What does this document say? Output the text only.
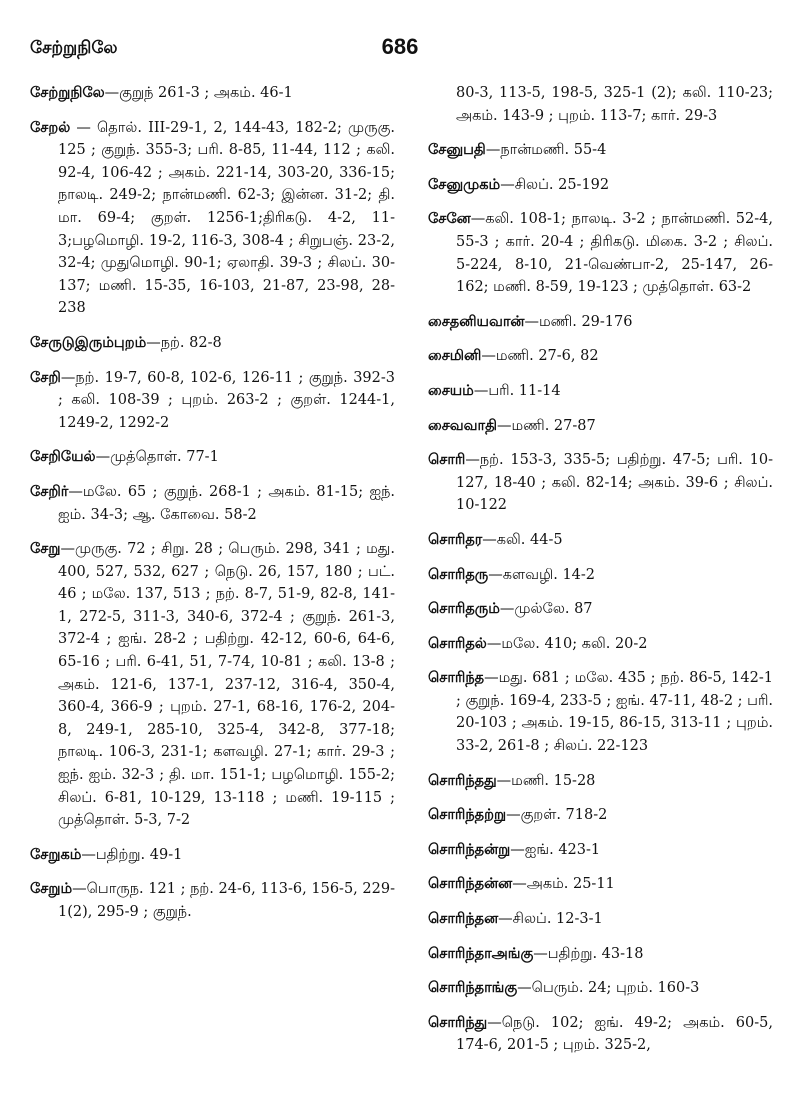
சேற்றுநிலே	686
சேற்றுநிலே—குறுந் 261-3 ; அகம். 46-1
சேறல் — தொல். III-29-1, 2, 144-43, 182-2; முருகு. 125 ; குறுந். 355-3; பரி. 8-85, 11-44, 112 ; கலி. 92-4, 106-42 ; அகம். 221-14, 303-20, 336-15; நாலடி. 249-2; நான்மணி. 62-3; இன்ன. 31-2; தி. மா. 69-4; குறள். 1256-1;திரிகடு. 4-2, 11-3;பழமொழி. 19-2, 116-3, 308-4 ; சிறுபஞ். 23-2, 32-4; முதுமொழி. 90-1; ஏலாதி. 39-3 ; சிலப். 30-137; மணி. 15-35, 16-103, 21-87, 23-98, 28-238
சேருடுஇரும்புறம்—நற். 82-8
சேறி—நற். 19-7, 60-8, 102-6, 126-11 ; குறுந். 392-3 ; கலி. 108-39 ; புறம். 263-2 ; குறள். 1244-1, 1249-2, 1292-2
சேறியேல்—முத்தொள். 77-1
சேறிர்—மலே. 65 ; குறுந். 268-1 ; அகம். 81-15; ஐந். ஐம். 34-3; ஆ. கோவை. 58-2
சேறு—முருகு. 72 ; சிறு. 28 ; பெரும். 298, 341 ; மது. 400, 527, 532, 627 ; நெடு. 26, 157, 180 ; பட். 46 ; மலே. 137, 513 ; நற். 8-7, 51-9, 82-8, 141-1, 272-5, 311-3, 340-6, 372-4 ; குறுந். 261-3, 372-4 ; ஐங். 28-2 ; பதிற்று. 42-12, 60-6, 64-6, 65-16 ; பரி. 6-41, 51, 7-74, 10-81 ; கலி. 13-8 ; அகம். 121-6, 137-1, 237-12, 316-4, 350-4, 360-4, 366-9 ; புறம். 27-1, 68-16, 176-2, 204-8, 249-1, 285-10, 325-4, 342-8, 377-18; நாலடி. 106-3, 231-1; களவழி. 27-1; கார். 29-3 ; ஐந். ஐம். 32-3 ; தி. மா. 151-1; பழமொழி. 155-2; சிலப். 6-81, 10-129, 13-118 ; மணி. 19-115 ; முத்தொள். 5-3, 7-2
சேறுகம்—பதிற்று. 49-1
சேறும்—பொருந. 121 ; நற். 24-6, 113-6, 156-5, 229-1(2), 295-9 ; குறுந்.
80-3, 113-5, 198-5, 325-1 (2); கலி. 110-23; அகம். 143-9 ; புறம். 113-7; கார். 29-3
சேனுபதி—நான்மணி. 55-4
சேனுமுகம்—சிலப். 25-192
சேனே—கலி. 108-1; நாலடி. 3-2 ; நான்மணி. 52-4, 55-3 ; கார். 20-4 ; திரிகடு. மிகை. 3-2 ; சிலப். 5-224, 8-10, 21-வெண்பா-2, 25-147, 26-162; மணி. 8-59, 19-123 ; முத்தொள். 63-2
சைதனியவான்—மணி. 29-176
சைமினி—மணி. 27-6, 82
சையம்—பரி. 11-14
சைவவாதி—மணி. 27-87
சொரி—நற். 153-3, 335-5; பதிற்று. 47-5; பரி. 10-127, 18-40 ; கலி. 82-14; அகம். 39-6 ; சிலப். 10-122
சொரிதர—கலி. 44-5
சொரிதரு—களவழி. 14-2
சொரிதரும்—முல்லே. 87
சொரிதல்—மலே. 410; கலி. 20-2
சொரிந்த—மது. 681 ; மலே. 435 ; நற். 86-5, 142-1 ; குறுந். 169-4, 233-5 ; ஐங். 47-11, 48-2 ; பரி. 20-103 ; அகம். 19-15, 86-15, 313-11 ; புறம். 33-2, 261-8 ; சிலப். 22-123
சொரிந்தது—மணி. 15-28
சொரிந்தற்று—குறள். 718-2
சொரிந்தன்று—ஐங். 423-1
சொரிந்தன்ன—அகம். 25-11
சொரிந்தன—சிலப். 12-3-1
சொரிந்தாஅங்கு—பதிற்று. 43-18
சொரிந்தாங்கு—பெரும். 24; புறம். 160-3
சொரிந்து—நெடு. 102; ஐங். 49-2; அகம். 60-5, 174-6, 201-5 ; புறம். 325-2,
